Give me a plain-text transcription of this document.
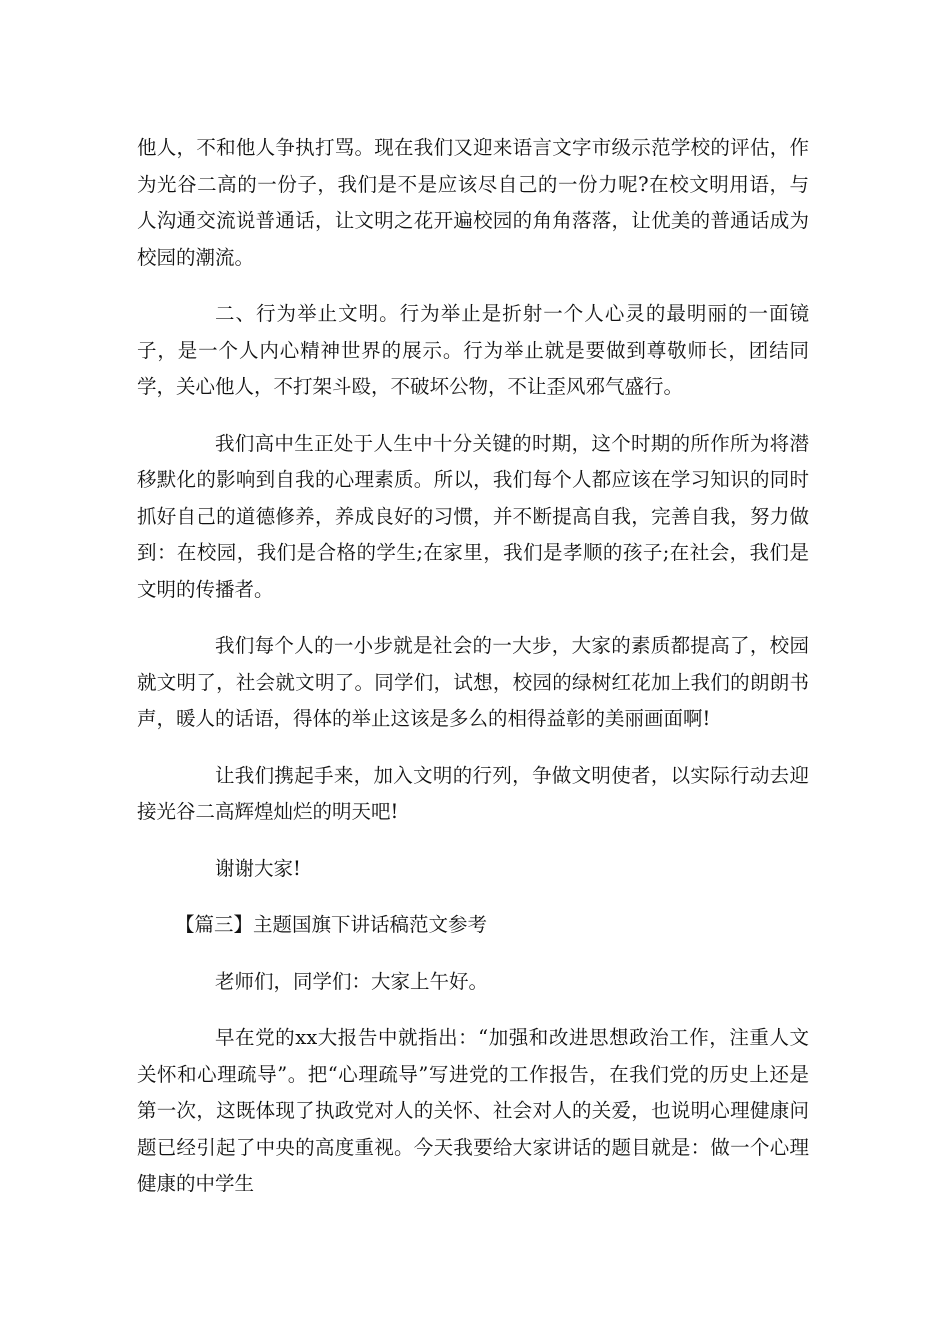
他人，不和他人争执打骂。现在我们又迎来语言文字市级示范学校的评估，作为光谷二高的一份子，我们是不是应该尽自己的一份力呢?在校文明用语，与人沟通交流说普通话，让文明之花开遍校园的角角落落，让优美的普通话成为校园的潮流。

二、行为举止文明。行为举止是折射一个人心灵的最明丽的一面镜子，是一个人内心精神世界的展示。行为举止就是要做到尊敬师长，团结同学，关心他人，不打架斗殴，不破坏公物，不让歪风邪气盛行。

我们高中生正处于人生中十分关键的时期，这个时期的所作所为将潜移默化的影响到自我的心理素质。所以，我们每个人都应该在学习知识的同时抓好自己的道德修养，养成良好的习惯，并不断提高自我，完善自我，努力做到：在校园，我们是合格的学生;在家里，我们是孝顺的孩子;在社会，我们是文明的传播者。

我们每个人的一小步就是社会的一大步，大家的素质都提高了，校园就文明了，社会就文明了。同学们，试想，校园的绿树红花加上我们的朗朗书声，暖人的话语，得体的举止这该是多么的相得益彰的美丽画面啊!

让我们携起手来，加入文明的行列，争做文明使者，以实际行动去迎接光谷二高辉煌灿烂的明天吧!

谢谢大家!

【篇三】主题国旗下讲话稿范文参考

老师们，同学们：大家上午好。

早在党的xx大报告中就指出：“加强和改进思想政治工作，注重人文关怀和心理疏导”。把“心理疏导”写进党的工作报告，在我们党的历史上还是第一次，这既体现了执政党对人的关怀、社会对人的关爱，也说明心理健康问题已经引起了中央的高度重视。今天我要给大家讲话的题目就是：做一个心理健康的中学生
